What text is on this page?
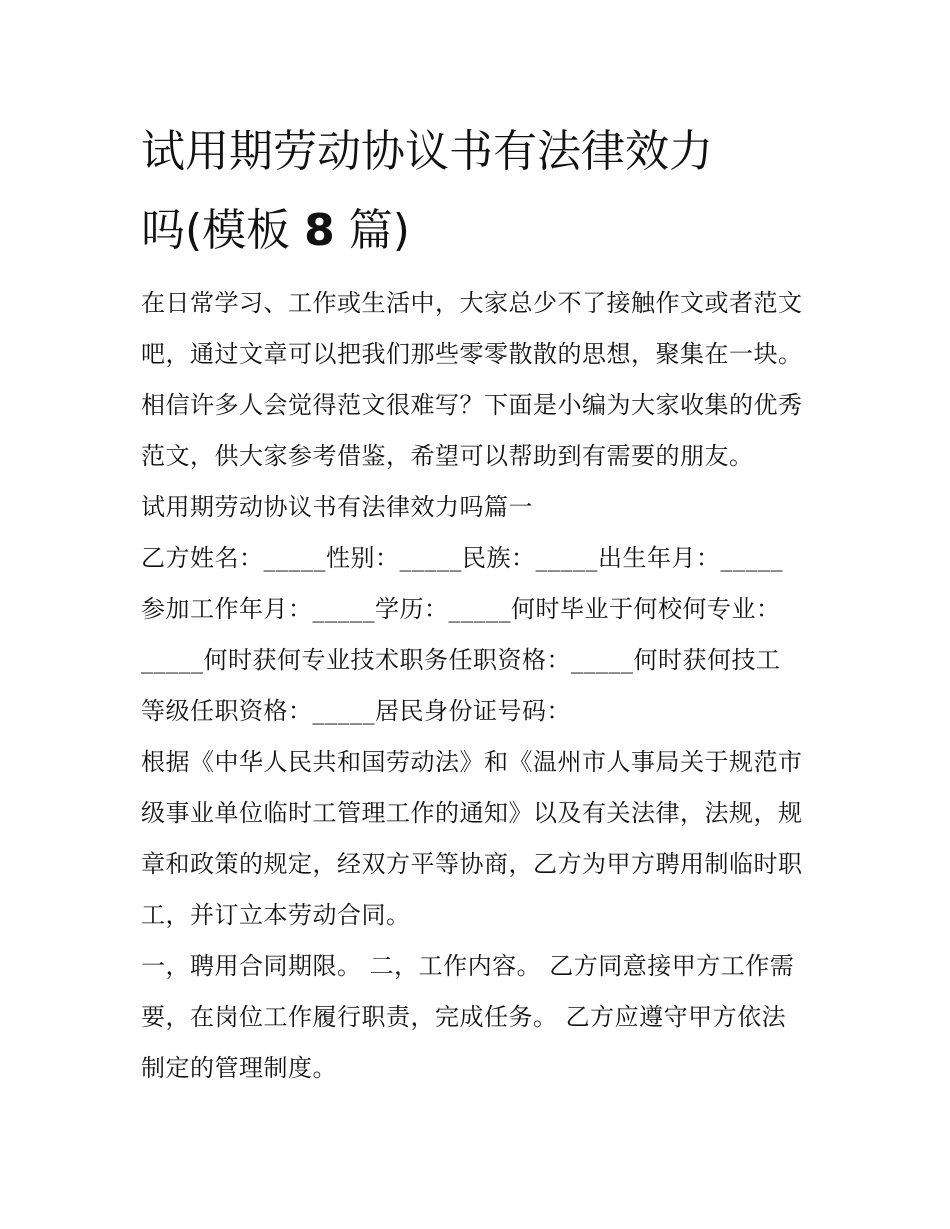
试用期劳动协议书有法律效力
吗(模板 8 篇)

在日常学习、工作或生活中，大家总少不了接触作文或者范文
吧，通过文章可以把我们那些零零散散的思想，聚集在一块。
相信许多人会觉得范文很难写？下面是小编为大家收集的优秀
范文，供大家参考借鉴，希望可以帮助到有需要的朋友。

试用期劳动协议书有法律效力吗篇一

乙方姓名：_____性别：_____民族：_____出生年月：_____
参加工作年月：_____学历：_____何时毕业于何校何专业：
_____何时获何专业技术职务任职资格：_____何时获何技工
等级任职资格：_____居民身份证号码：

根据《中华人民共和国劳动法》和《温州市人事局关于规范市
级事业单位临时工管理工作的通知》以及有关法律，法规，规
章和政策的规定，经双方平等协商，乙方为甲方聘用制临时职
工，并订立本劳动合同。

一，聘用合同期限。 二，工作内容。 乙方同意接甲方工作需
要，在岗位工作履行职责，完成任务。 乙方应遵守甲方依法
制定的管理制度。
